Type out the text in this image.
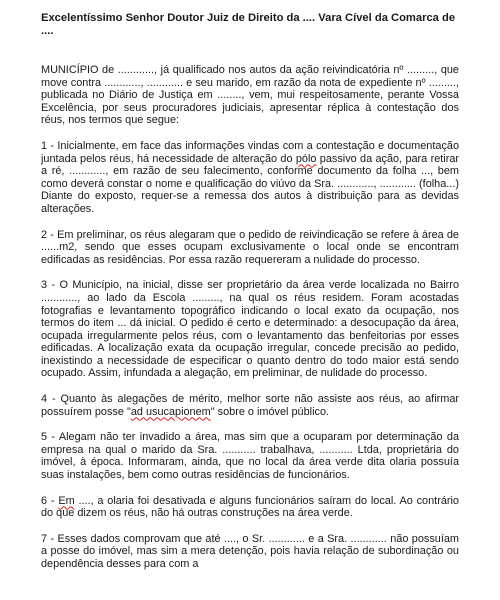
Excelentíssimo Senhor Doutor Juiz de Direito da .... Vara Cível da Comarca de ....

MUNICÍPIO de ............, já qualificado nos autos da ação reivindicatória nº ........., que move contra ............, ............ e seu marido, em razão da nota de expediente nº ........., publicada no Diário de Justiça em ........, vem, mui respeitosamente, perante Vossa Excelência, por seus procuradores judiciais, apresentar réplica à contestação dos réus, nos termos que segue:

1 - Inicialmente, em face das informações vindas com a contestação e documentação juntada pelos réus, há necessidade de alteração do pólo passivo da ação, para retirar a ré, ............, em razão de seu falecimento, conforme documento da folha ..., bem como deverá constar o nome e qualificação do viúvo da Sra. ............, ............ (folha...) Diante do exposto, requer-se a remessa dos autos à distribuição para as devidas alterações.

2 - Em preliminar, os réus alegaram que o pedido de reivindicação se refere à área de ......m2, sendo que esses ocupam exclusivamente o local onde se encontram edificadas as residências. Por essa razão requereram a nulidade do processo.

3 - O Município, na inicial, disse ser proprietário da área verde localizada no Bairro ............, ao lado da Escola ........., na qual os réus residem. Foram acostadas fotografias e levantamento topográfico indicando o local exato da ocupação, nos termos do item ... dá inicial. O pedido é certo e determinado: a desocupação da área, ocupada irregularmente pelos réus, com o levantamento das benfeitorias por esses edificadas. A localização exata da ocupação irregular, concede precisão ao pedido, inexistindo a necessidade de especificar o quanto dentro do todo maior está sendo ocupado. Assim, infundada a alegação, em preliminar, de nulidade do processo.

4 - Quanto às alegações de mérito, melhor sorte não assiste aos réus, ao afirmar possuírem posse "ad usucapionem" sobre o imóvel público.

5 - Alegam não ter invadido a área, mas sim que a ocuparam por determinação da empresa na qual o marido da Sra. ........... trabalhava, ........... Ltda, proprietária do imóvel, à época. Informaram, ainda, que no local da área verde dita olaria possuía suas instalações, bem como outras residências de funcionários.

6 - Em ...., a olaria foi desativada e alguns funcionários saíram do local. Ao contrário do que dizem os réus, não há outras construções na área verde.

7 - Esses dados comprovam que até ...., o Sr. ............ e a Sra. ............ não possuíam a posse do imóvel, mas sim a mera detenção, pois havia relação de subordinação ou dependência desses para com a
